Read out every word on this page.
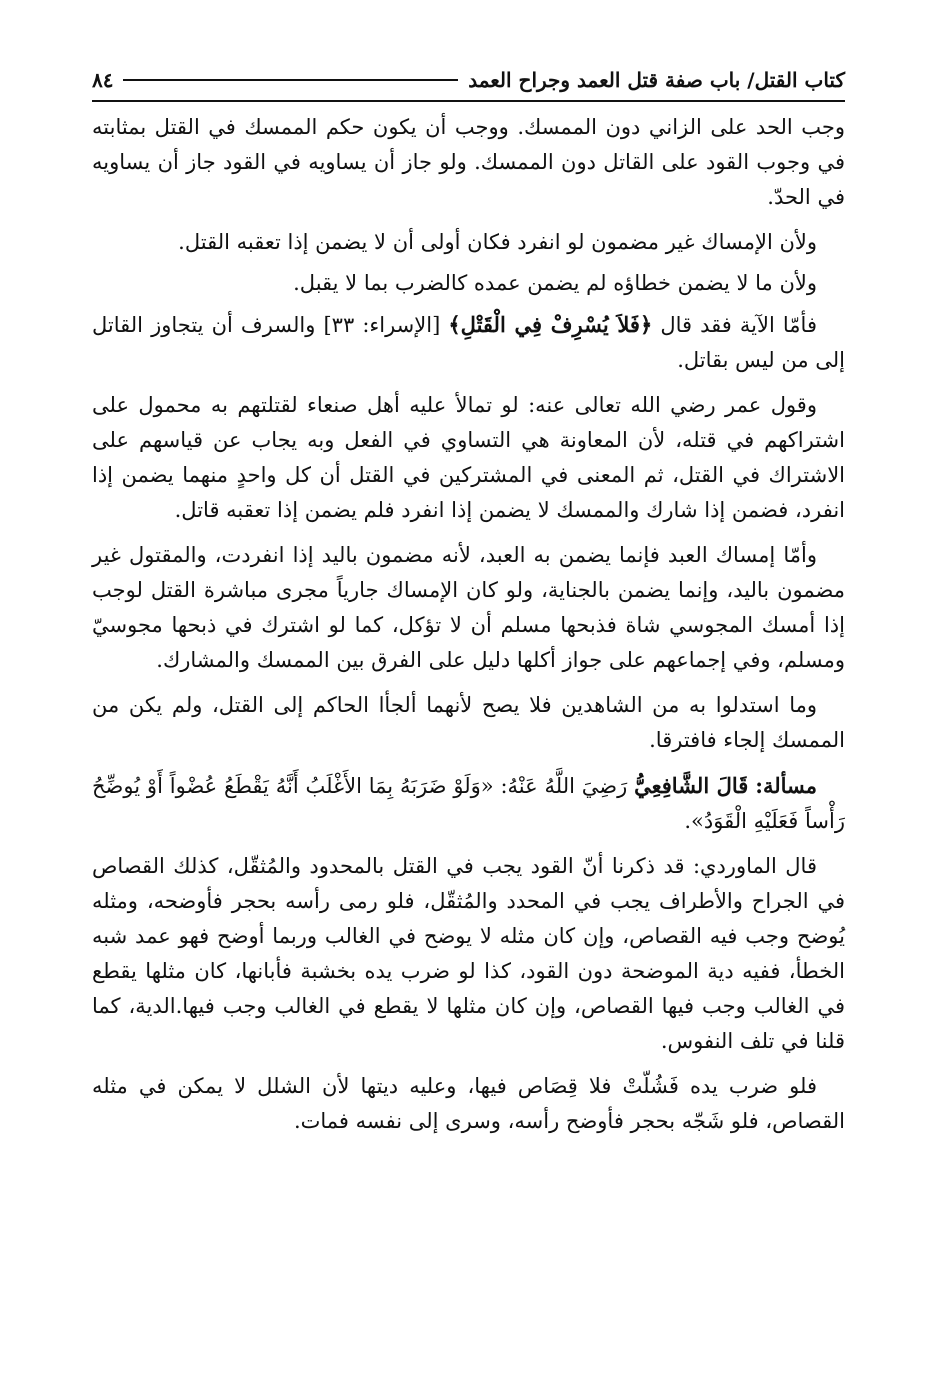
كتاب القتل/ باب صفة قتل العمد وجراح العمد
٨٤

وجب الحد على الزاني دون الممسك. ووجب أن يكون حكم الممسك في القتل بمثابته في وجوب القود على القاتل دون الممسك. ولو جاز أن يساويه في القود جاز أن يساويه في الحدّ.

ولأن الإمساك غير مضمون لو انفرد فكان أولى أن لا يضمن إذا تعقبه القتل.

ولأن ما لا يضمن خطاؤه لم يضمن عمده كالضرب بما لا يقبل.

فأمّا الآية فقد قال ﴿فَلاَ يُسْرِفْ فِي الْقَتْلِ﴾ [الإسراء: ٣٣] والسرف أن يتجاوز القاتل إلى من ليس بقاتل.

وقول عمر رضي الله تعالى عنه: لو تمالأ عليه أهل صنعاء لقتلتهم به محمول على اشتراكهم في قتله، لأن المعاونة هي التساوي في الفعل وبه يجاب عن قياسهم على الاشتراك في القتل، ثم المعنى في المشتركين في القتل أن كل واحدٍ منهما يضمن إذا انفرد، فضمن إذا شارك والممسك لا يضمن إذا انفرد فلم يضمن إذا تعقبه قاتل.

وأمّا إمساك العبد فإنما يضمن به العبد، لأنه مضمون باليد إذا انفردت، والمقتول غير مضمون باليد، وإنما يضمن بالجناية، ولو كان الإمساك جارياً مجرى مباشرة القتل لوجب إذا أمسك المجوسي شاة فذبحها مسلم أن لا تؤكل، كما لو اشترك في ذبحها مجوسيّ ومسلم، وفي إجماعهم على جواز أكلها دليل على الفرق بين الممسك والمشارك.

وما استدلوا به من الشاهدين فلا يصح لأنهما ألجأا الحاكم إلى القتل، ولم يكن من الممسك إلجاء فافترقا.

مسألة: قَالَ الشَّافِعِيُّ رَضِيَ اللَّهُ عَنْهُ: «وَلَوْ ضَرَبَهُ بِمَا الأَغْلَبُ أَنَّهُ يَقْطَعُ عُضْواً أَوْ يُوضِّحُ رَأْساً فَعَلَيْهِ الْقَوَدُ».

قال الماوردي: قد ذكرنا أنّ القود يجب في القتل بالمحدود والمُثقّل، كذلك القصاص في الجراح والأطراف يجب في المحدد والمُثقّل، فلو رمى رأسه بحجر فأوضحه، ومثله يُوضح وجب فيه القصاص، وإن كان مثله لا يوضح في الغالب وربما أوضح فهو عمد شبه الخطأ، ففيه دية الموضحة دون القود، كذا لو ضرب يده بخشبة فأبانها، كان مثلها يقطع في الغالب وجب فيها القصاص، وإن كان مثلها لا يقطع في الغالب وجب فيها.الدية، كما قلنا في تلف النفوس.

فلو ضرب يده فَشُلّتْ فلا قِصَاص فيها، وعليه ديتها لأن الشلل لا يمكن في مثله القصاص، فلو شَجّه بحجر فأوضح رأسه، وسرى إلى نفسه فمات.
